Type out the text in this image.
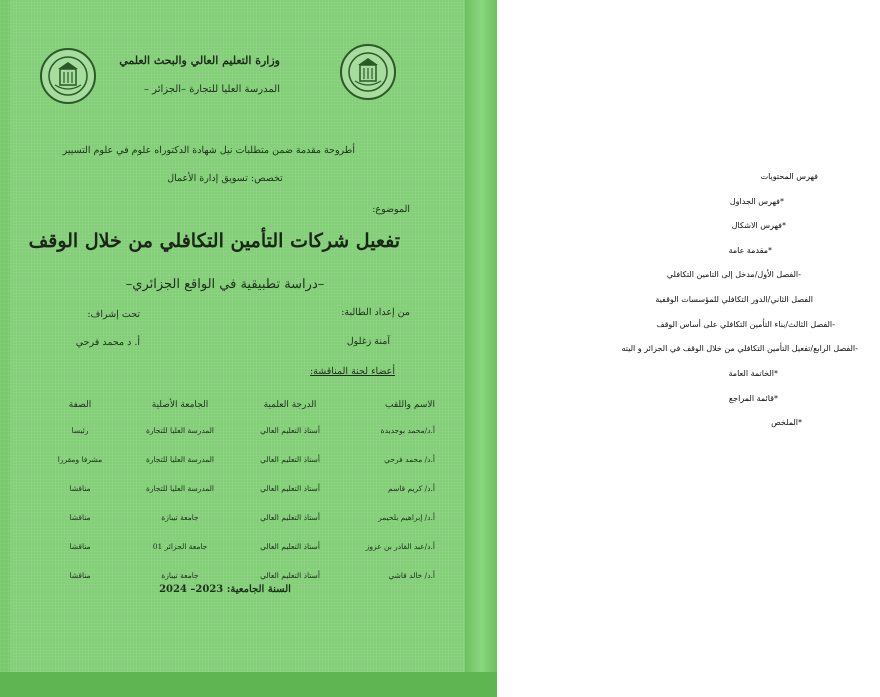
وزارة التعليم العالي والبحث العلمي
المدرسة العليا للتجارة –الجزائر –
أطروحة مقدمة ضمن متطلبات نيل شهادة الدكتوراه علوم في علوم التسيير
تخصص: تسويق إدارة الأعمال
الموضوع:
تفعيل شركات التأمين التكافلي من خلال الوقف
–دراسة تطبيقية في الواقع الجزائري–
من إعداد الطالبة:
تحت إشراف:
آمنة زغلول
أ. د محمد فرحي
أعضاء لجنة المناقشة:
الاسم واللقب
الدرجة العلمية
الجامعة الأصلية
الصفة
أ.د/محمد بوجديدة
أستاذ التعليم العالي
المدرسة العليا للتجارة
رئيسا
أ.د/ محمد فرحي
أستاذ التعليم العالي
المدرسة العليا للتجارة
مشرفا ومقررا
أ.د/ كريم قاسم
أستاذ التعليم العالي
المدرسة العليا للتجارة
مناقشا
أ.د/ إبراهيم بلحيمر
أستاذ التعليم العالي
جامعة تيبازة
مناقشا
أ.د/عبد القادر بن عزوز
أستاذ التعليم العالي
جامعة الجزائر 01
مناقشا
أ.د/ خالد قاشي
أستاذ التعليم العالي
جامعة تيبازة
مناقشا
السنة الجامعية: 2023– 2024
فهرس المحتويات
*فهرس الجداول
*فهرس الاشكال
*مقدمة عامة
-الفصل الأول/مدخل إلى التامين التكافلي
الفصل الثاني/الدور التكافلي للمؤسسات الوقفية
-الفصل الثالث/بناء التأمين التكافلي على أساس الوقف
-الفصل الرابع/تفعيل التأمين التكافلي من خلال الوقف في الجزائر و اليته
*الخاتمة العامة
*قائمة المراجع
*الملخص
